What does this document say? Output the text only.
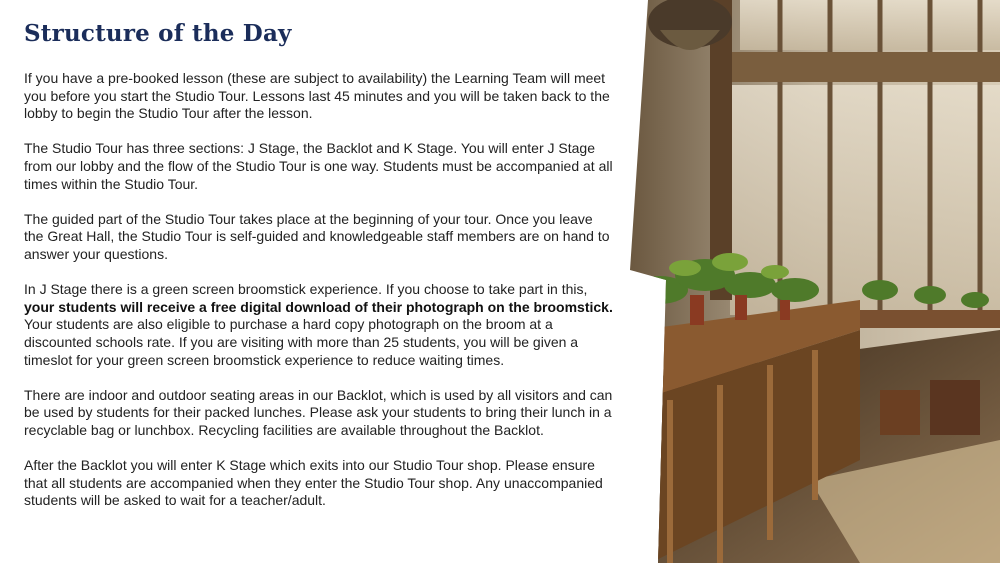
Structure of the Day

If you have a pre-booked lesson (these are subject to availability) the Learning Team will meet you before you start the Studio Tour. Lessons last 45 minutes and you will be taken back to the lobby to begin the Studio Tour after the lesson.

The Studio Tour has three sections: J Stage, the Backlot and K Stage. You will enter J Stage from our lobby and the flow of the Studio Tour is one way. Students must be accompanied at all times within the Studio Tour.

The guided part of the Studio Tour takes place at the beginning of your tour. Once you leave the Great Hall, the Studio Tour is self-guided and knowledgeable staff members are on hand to answer your questions.

In J Stage there is a green screen broomstick experience. If you choose to take part in this, your students will receive a free digital download of their photograph on the broomstick. Your students are also eligible to purchase a hard copy photograph on the broom at a discounted schools rate. If you are visiting with more than 25 students, you will be given a timeslot for your green screen broomstick experience to reduce waiting times.

There are indoor and outdoor seating areas in our Backlot, which is used by all visitors and can be used by students for their packed lunches. Please ask your students to bring their lunch in a recyclable bag or lunchbox. Recycling facilities are available throughout the Backlot.

After the Backlot you will enter K Stage which exits into our Studio Tour shop. Please ensure that all students are accompanied when they enter the Studio Tour shop. Any unaccompanied students will be asked to wait for a teacher/adult.
